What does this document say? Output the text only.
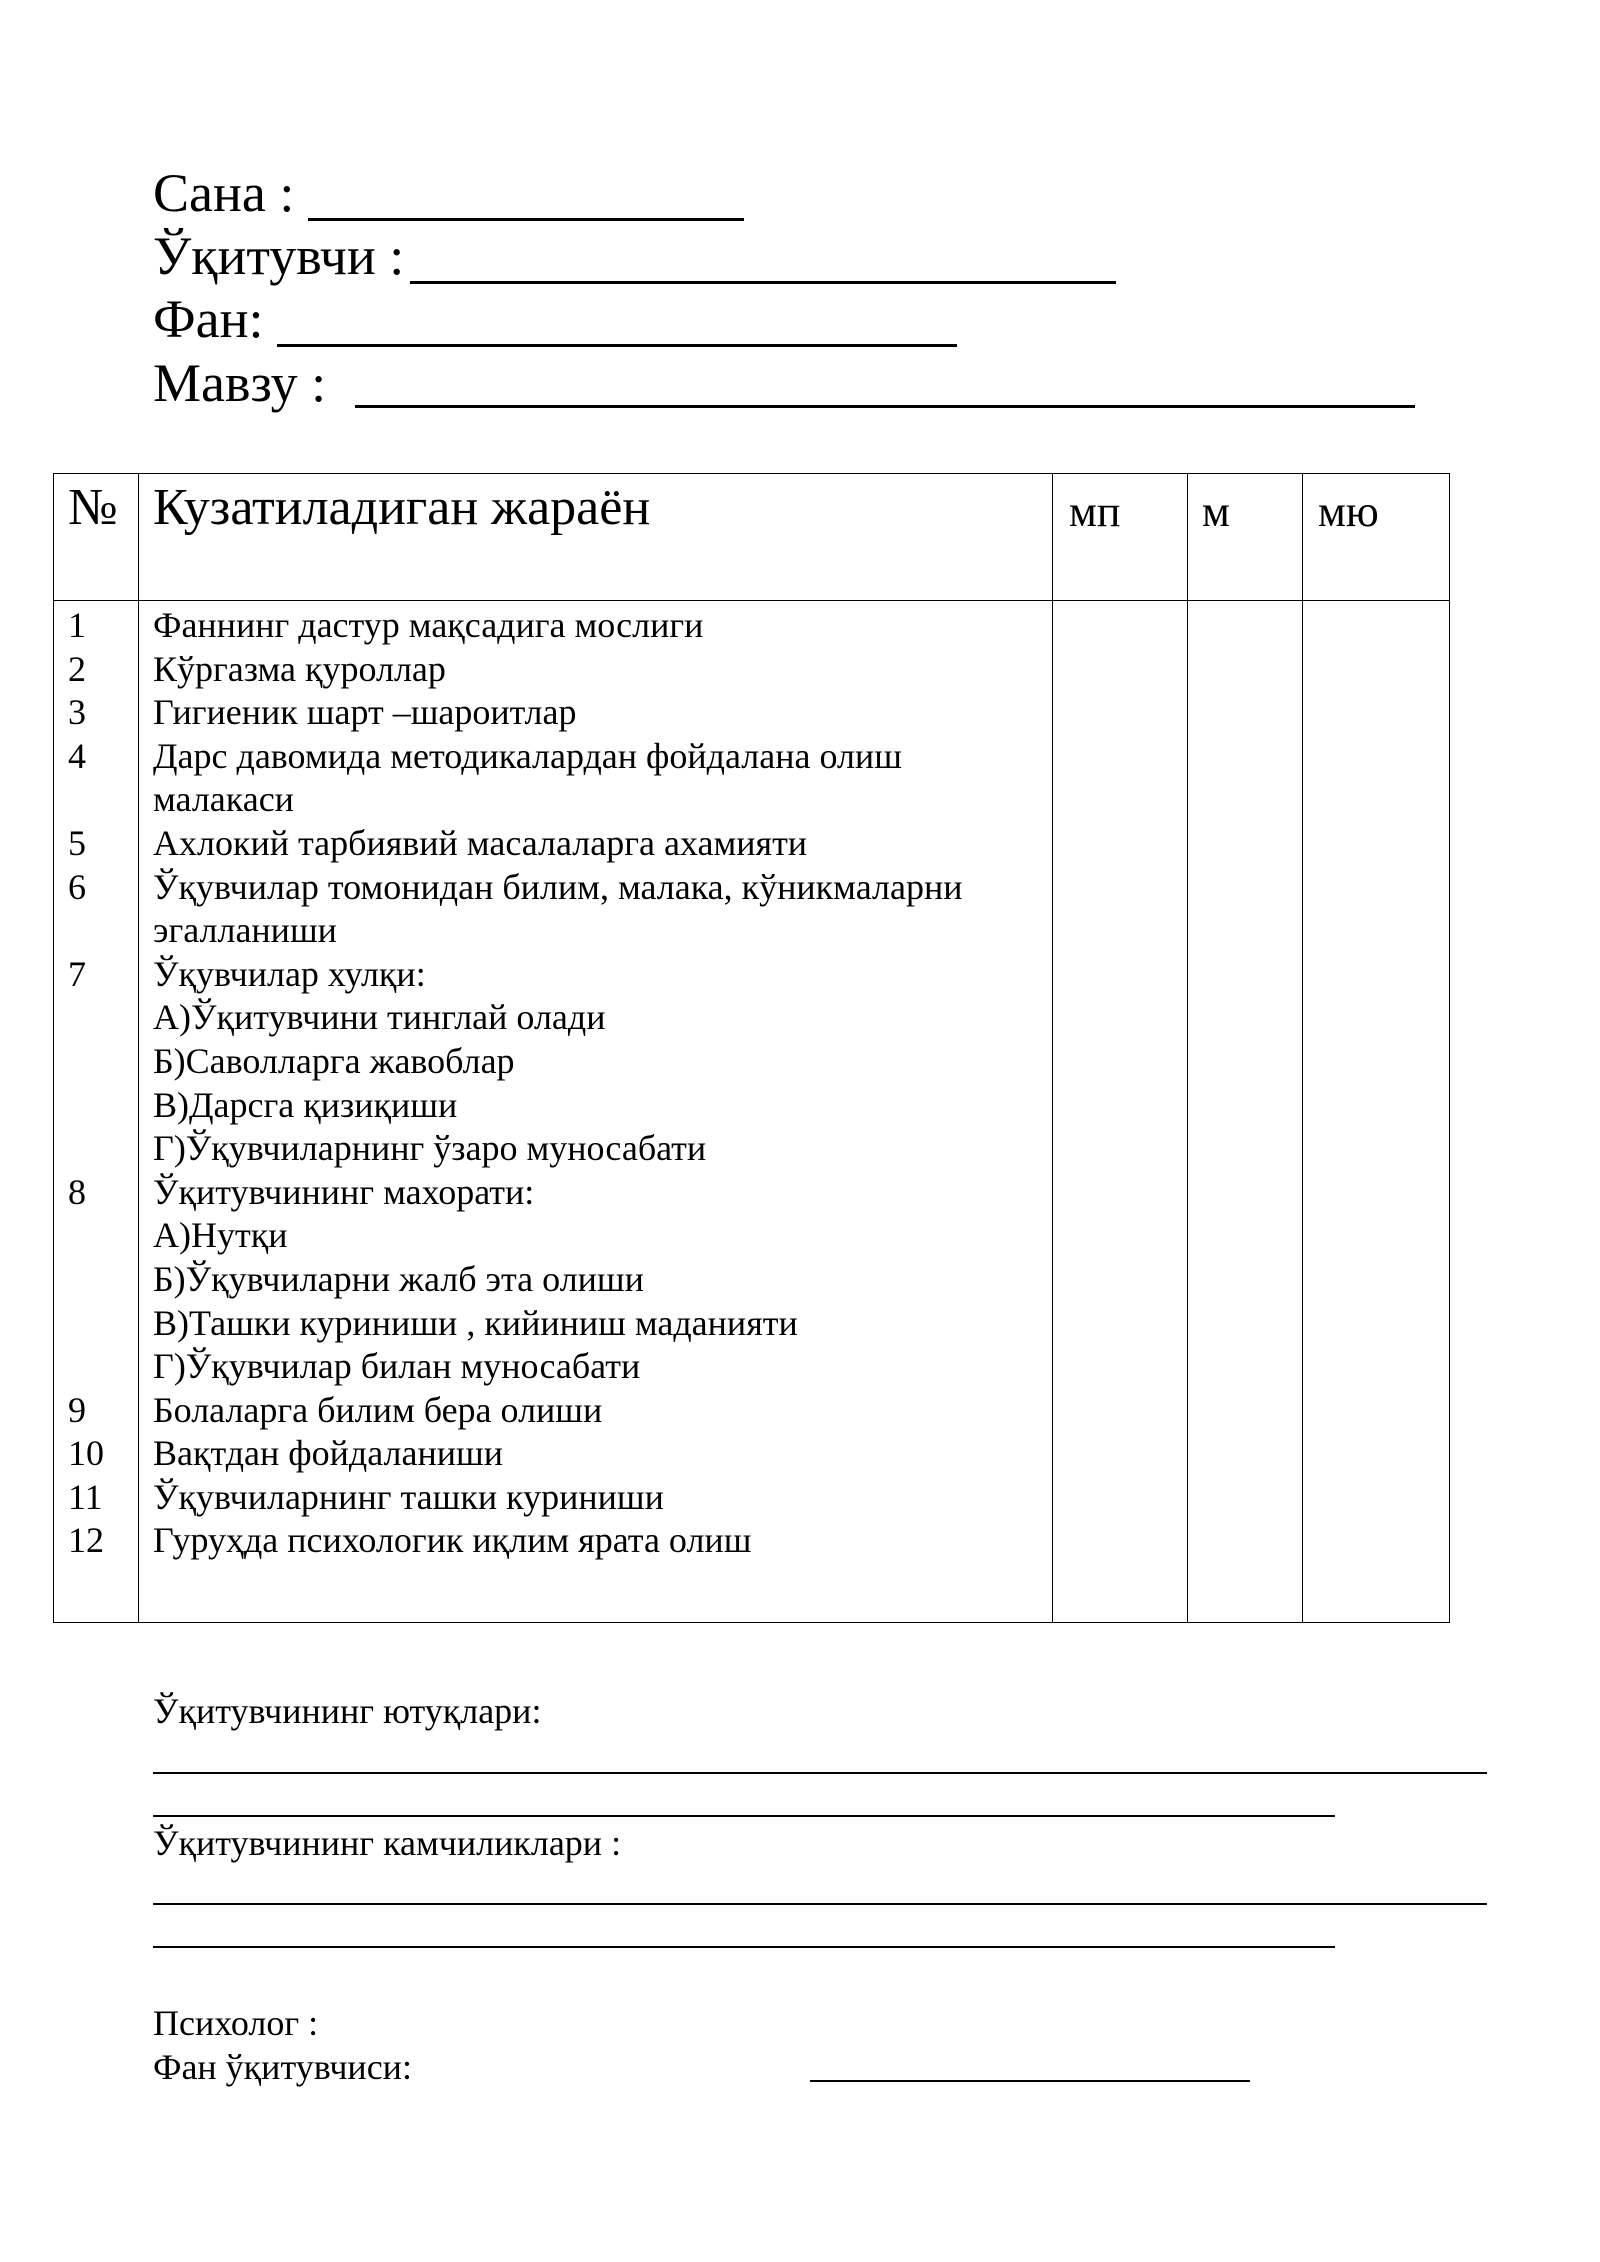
Сана :
Ўқитувчи :
Фан:
Мавзу :
№ Кузатиладиган жараён	мп м мю
1	Фаннинг дастур мақсадига мослиги
2	Кўргазма қуроллар
3	Гигиеник шарт –шароитлар
4	Дарс давомида методикалардан фойдалана олиш
малакаси
5	Ахлокий тарбиявий масалаларга ахамияти
6	Ўқувчилар томонидан билим, малака, кўникмаларни
эгалланиши
7	Ўқувчилар хулқи:
А)Ўқитувчини тинглай олади
Б)Саволларга жавоблар
В)Дарсга қизиқиши
Г)Ўқувчиларнинг ўзаро муносабати
8	Ўқитувчининг махорати:
А)Нутқи
Б)Ўқувчиларни жалб эта олиши
В)Ташки куриниши , кийиниш маданияти
Г)Ўқувчилар билан муносабати
9	Болаларга билим бера олиши
10	Вақтдан фойдаланиши
11	Ўқувчиларнинг ташки куриниши
12	Гуруҳда психологик иқлим ярата олиш
Ўқитувчининг ютуқлари:
Ўқитувчининг камчиликлари :
Психолог :
Фан ўқитувчиси:
